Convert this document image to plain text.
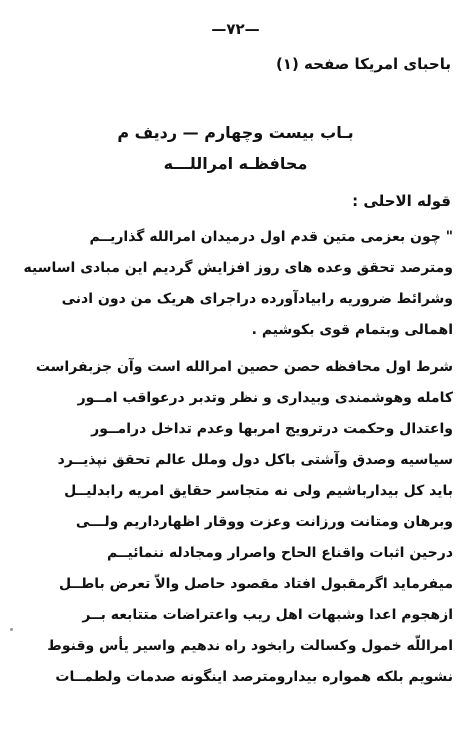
—٧٢—
باحبای امریکا صفحه (١)
بـاب بیست وچهارم — ردیف م
محافظـه امراللـــه
قوله الاحلی :
" چون بعزمی متین قدم اول درمیدان امرالله گذاریــم
ومترصد تحقق وعده های روز افزایش گردیم این مبادی اساسیه
وشرائط ضروریه رابیادآورده دراجرای هریک من دون ادنی
اهمالی وبتمام قوی بکوشیم .
شرط اول محافظه حصن حصین امرالله است وآن جزبفراست
کامله وهوشمندی وبیداری و نظر وتدبر درعواقب امــور
واعتدال وحکمت درترویج امربها وعدم تداخل درامــور
سیاسیه وصدق وآشتی باکل دول وملل عالم تحقق نپذیــرد
باید کل بیدارباشیم ولی نه متجاسر حقایق امریه رابدلیــل
وبرهان ومتانت ورزانت وعزت ووقار اظهارداریم ولـــی
درحین اثبات واقناع الحاح واصرار ومجادله ننمائیــم
میفرماید اگرمقبول افتاد مقصود حاصل والاّ تعرض باطــل
ازهجوم اعدا وشبهات اهل ریب واعتراضات متتابعه بــر
امراللّه خمول وکسالت رابخود راه ندهیم واسیر یأس وقنوط
نشویم بلکه همواره بیدارومترصد اینگونه صدمات ولطمــات
